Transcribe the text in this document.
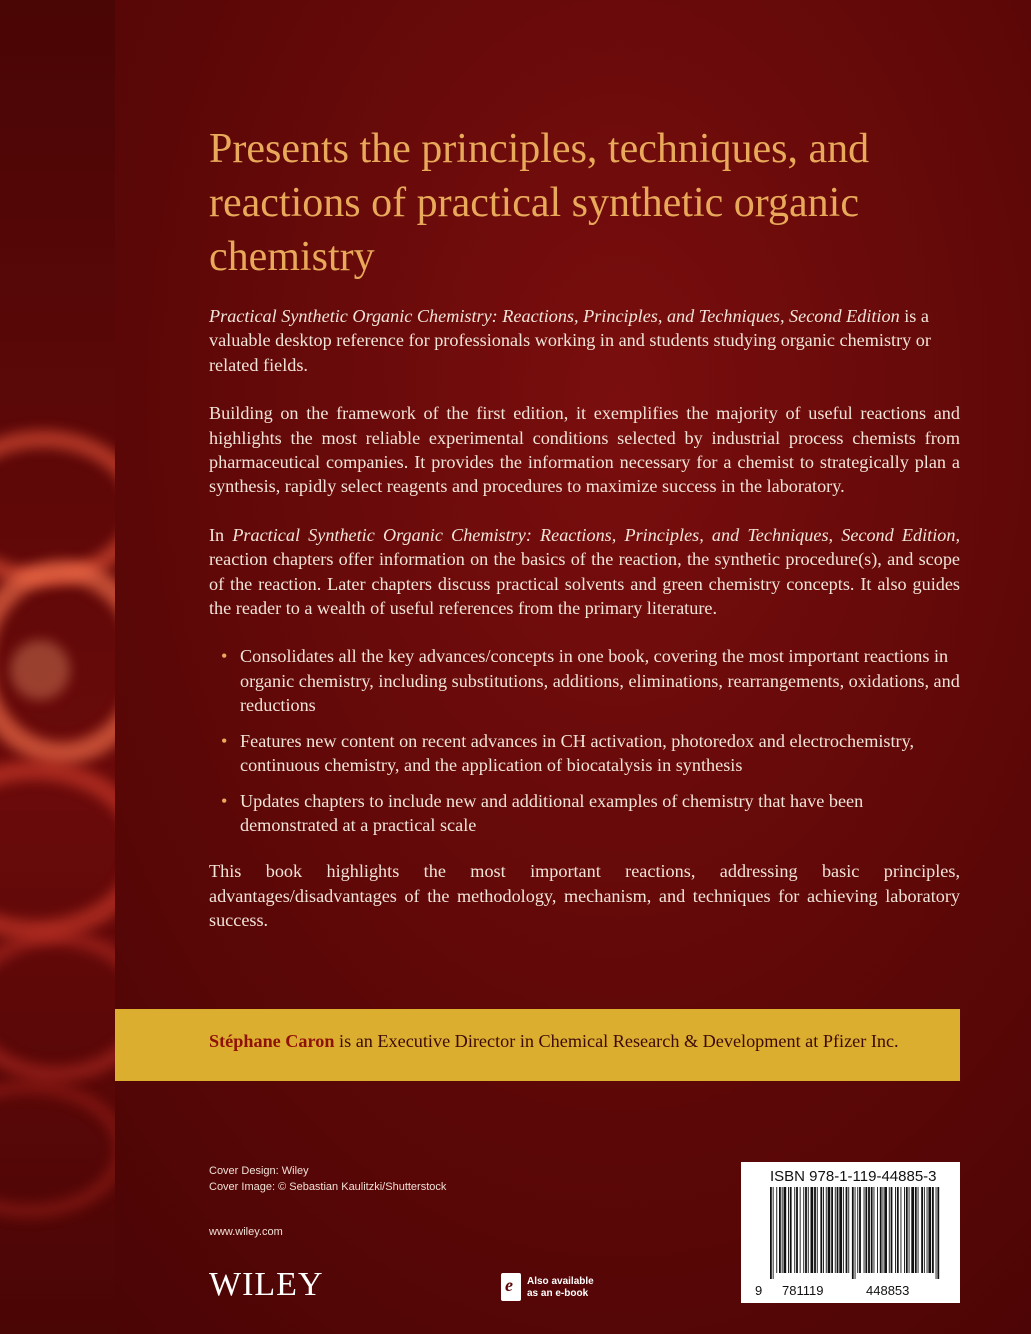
Presents the principles, techniques, and reactions of practical synthetic organic chemistry

Practical Synthetic Organic Chemistry: Reactions, Principles, and Techniques, Second Edition is a valuable desktop reference for professionals working in and students studying organic chemistry or related fields.

Building on the framework of the first edition, it exemplifies the majority of useful reactions and highlights the most reliable experimental conditions selected by industrial process chemists from pharmaceutical companies. It provides the information necessary for a chemist to strategically plan a synthesis, rapidly select reagents and procedures to maximize success in the laboratory.

In Practical Synthetic Organic Chemistry: Reactions, Principles, and Techniques, Second Edition, reaction chapters offer information on the basics of the reaction, the synthetic procedure(s), and scope of the reaction. Later chapters discuss practical solvents and green chemistry concepts. It also guides the reader to a wealth of useful references from the primary literature.

• Consolidates all the key advances/concepts in one book, covering the most important reactions in organic chemistry, including substitutions, additions, eliminations, rearrangements, oxidations, and reductions
• Features new content on recent advances in CH activation, photoredox and electrochemistry, continuous chemistry, and the application of biocatalysis in synthesis
• Updates chapters to include new and additional examples of chemistry that have been demonstrated at a practical scale

This book highlights the most important reactions, addressing basic principles, advantages/disadvantages of the methodology, mechanism, and techniques for achieving laboratory success.

Stéphane Caron is an Executive Director in Chemical Research & Development at Pfizer Inc.
Cover Design: Wiley
Cover Image: © Sebastian Kaulitzki/Shutterstock
www.wiley.com
WILEY	e Also available
as an e-book
ISBN 978-1-119-44885-3
9 781119	448853
